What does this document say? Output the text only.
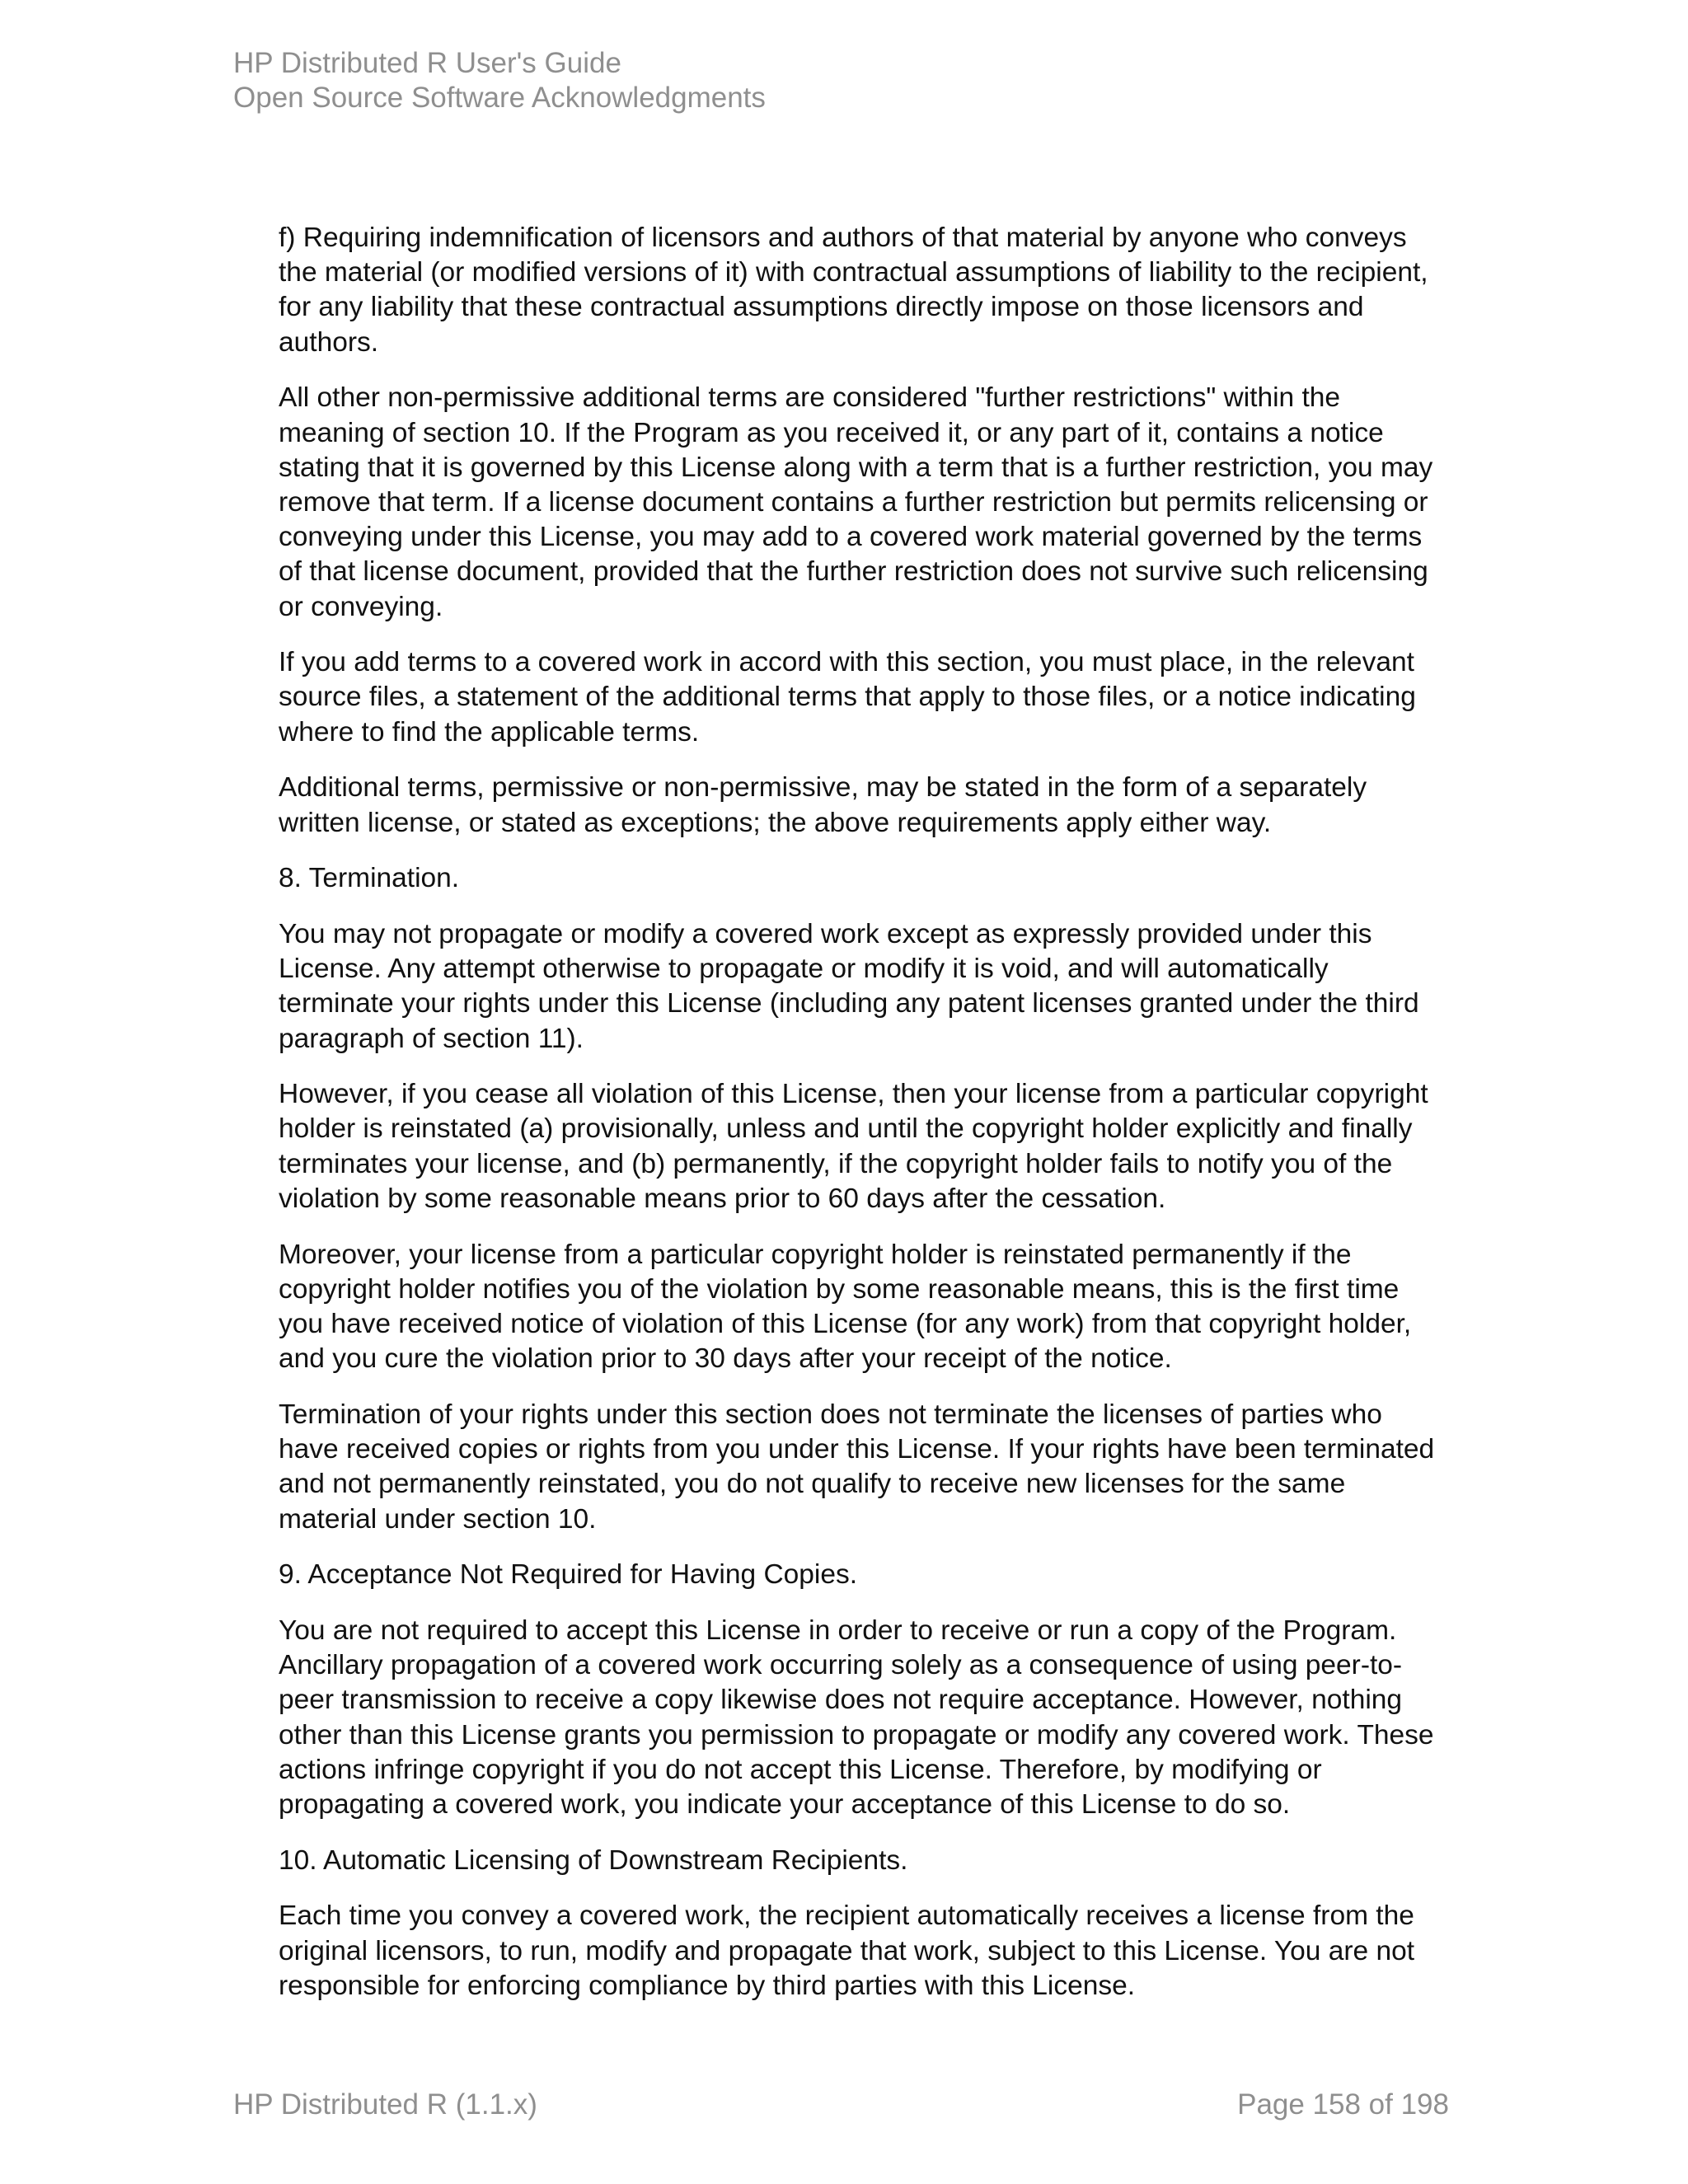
HP Distributed R User's Guide
Open Source Software Acknowledgments

f) Requiring indemnification of licensors and authors of that material by anyone who conveys the material (or modified versions of it) with contractual assumptions of liability to the recipient, for any liability that these contractual assumptions directly impose on those licensors and authors.

All other non-permissive additional terms are considered "further restrictions" within the meaning of section 10. If the Program as you received it, or any part of it, contains a notice stating that it is governed by this License along with a term that is a further restriction, you may remove that term. If a license document contains a further restriction but permits relicensing or conveying under this License, you may add to a covered work material governed by the terms of that license document, provided that the further restriction does not survive such relicensing or conveying.

If you add terms to a covered work in accord with this section, you must place, in the relevant source files, a statement of the additional terms that apply to those files, or a notice indicating where to find the applicable terms.

Additional terms, permissive or non-permissive, may be stated in the form of a separately written license, or stated as exceptions; the above requirements apply either way.

8. Termination.

You may not propagate or modify a covered work except as expressly provided under this License. Any attempt otherwise to propagate or modify it is void, and will automatically terminate your rights under this License (including any patent licenses granted under the third paragraph of section 11).

However, if you cease all violation of this License, then your license from a particular copyright holder is reinstated (a) provisionally, unless and until the copyright holder explicitly and finally terminates your license, and (b) permanently, if the copyright holder fails to notify you of the violation by some reasonable means prior to 60 days after the cessation.

Moreover, your license from a particular copyright holder is reinstated permanently if the copyright holder notifies you of the violation by some reasonable means, this is the first time you have received notice of violation of this License (for any work) from that copyright holder, and you cure the violation prior to 30 days after your receipt of the notice.

Termination of your rights under this section does not terminate the licenses of parties who have received copies or rights from you under this License. If your rights have been terminated and not permanently reinstated, you do not qualify to receive new licenses for the same material under section 10.

9. Acceptance Not Required for Having Copies.

You are not required to accept this License in order to receive or run a copy of the Program. Ancillary propagation of a covered work occurring solely as a consequence of using peer-to-peer transmission to receive a copy likewise does not require acceptance. However, nothing other than this License grants you permission to propagate or modify any covered work. These actions infringe copyright if you do not accept this License. Therefore, by modifying or propagating a covered work, you indicate your acceptance of this License to do so.

10. Automatic Licensing of Downstream Recipients.

Each time you convey a covered work, the recipient automatically receives a license from the original licensors, to run, modify and propagate that work, subject to this License. You are not responsible for enforcing compliance by third parties with this License.

HP Distributed R (1.1.x)	Page 158 of 198
